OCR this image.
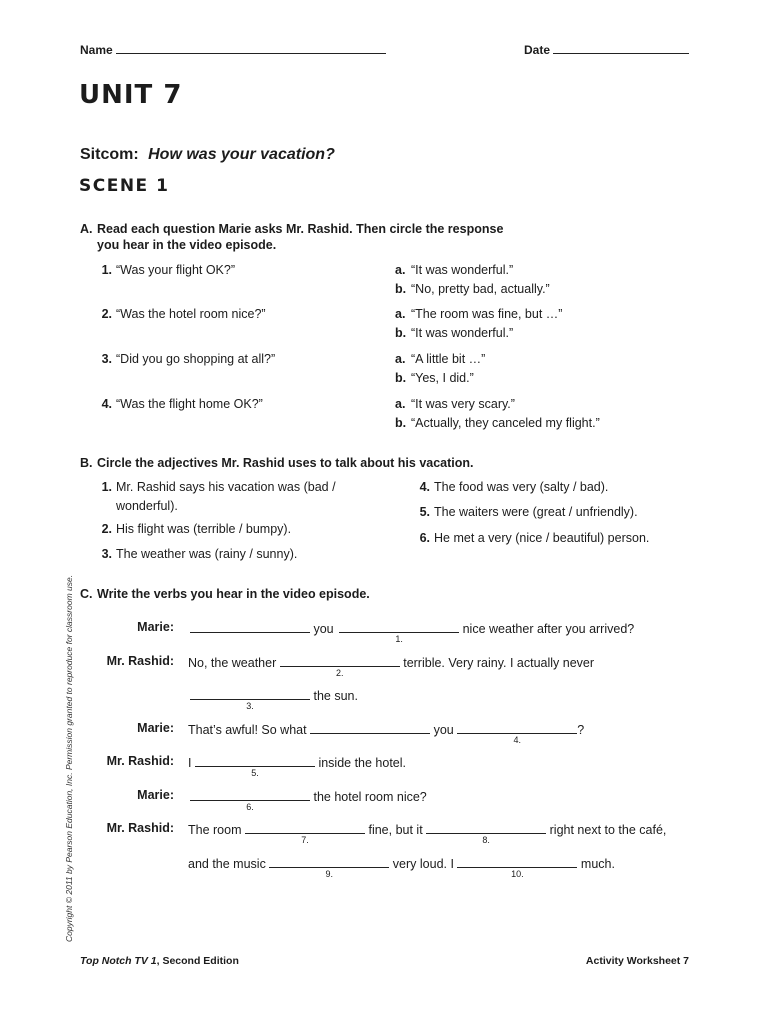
Name	Date
UNIT 7
Sitcom: How was your vacation?
SCENE 1
A. Read each question Marie asks Mr. Rashid. Then circle the response
you hear in the video episode.
1. “Was your flight OK?”	a. “It was wonderful.”
b. “No, pretty bad, actually.”
2. “Was the hotel room nice?”	a. “The room was fine, but …”
b. “It was wonderful.”
3. “Did you go shopping at all?”	a. “A little bit …”
b. “Yes, I did.”
4. “Was the flight home OK?”	a. “It was very scary.”
b. “Actually, they canceled my flight.”
B. Circle the adjectives Mr. Rashid uses to talk about his vacation.
1. Mr. Rashid says his vacation was (bad /
wonderful).
2. His flight was (terrible / bumpy).
3. The weather was (rainy / sunny).
4. The food was very (salty / bad).
5. The waiters were (great / unfriendly).
6. He met a very (nice / beautiful) person.
C. Write the verbs you hear in the video episode.
Marie:	you
1.
nice weather after you arrived?
Mr. Rashid: No, the weather
2.
terrible. Very rainy. I actually never
3.
the sun.
Marie: That’s awful! So what	you
4.
?
Mr. Rashid: I
5.
inside the hotel.
Marie:
6.
the hotel room nice?
Mr. Rashid: The room
7.
fine, but it
8.
right next to the café,
and the music
9.
very loud. I
10.
much.
Copyright © 2011 by Pearson Education, Inc. Permission granted to reproduce for classroom use.
Top Notch TV 1, Second Edition	Activity Worksheet 7
